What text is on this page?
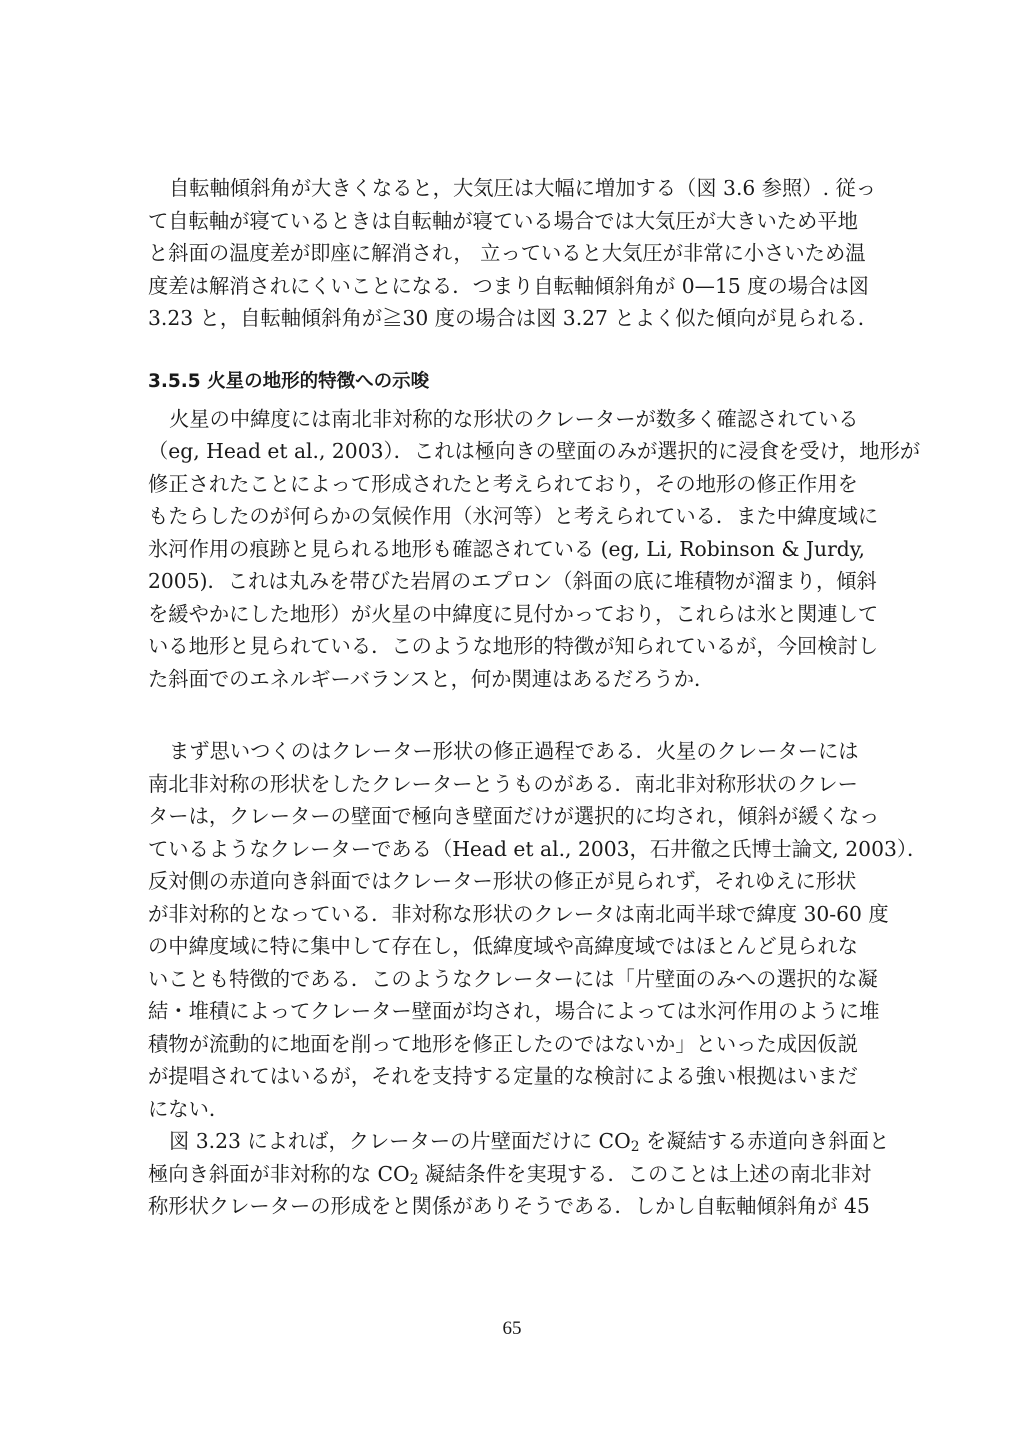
自転軸傾斜角が大きくなると，大気圧は大幅に増加する（図 3.6 参照）. 従っ
て自転軸が寝ているときは自転軸が寝ている場合では大気圧が大きいため平地
と斜面の温度差が即座に解消され， 立っていると大気圧が非常に小さいため温
度差は解消されにくいことになる．つまり自転軸傾斜角が 0—15 度の場合は図
3.23 と，自転軸傾斜角が≧30 度の場合は図 3.27 とよく似た傾向が見られる．

3.5.5 火星の地形的特徴への示唆

火星の中緯度には南北非対称的な形状のクレーターが数多く確認されている
（eg, Head et al., 2003）．これは極向きの壁面のみが選択的に浸食を受け，地形が
修正されたことによって形成されたと考えられており，その地形の修正作用を
もたらしたのが何らかの気候作用（氷河等）と考えられている．また中緯度域に
氷河作用の痕跡と見られる地形も確認されている (eg, Li, Robinson & Jurdy,
2005)．これは丸みを帯びた岩屑のエプロン（斜面の底に堆積物が溜まり，傾斜
を緩やかにした地形）が火星の中緯度に見付かっており，これらは氷と関連して
いる地形と見られている．このような地形的特徴が知られているが，今回検討し
た斜面でのエネルギーバランスと，何か関連はあるだろうか．

まず思いつくのはクレーター形状の修正過程である．火星のクレーターには
南北非対称の形状をしたクレーターとうものがある．南北非対称形状のクレー
ターは，クレーターの壁面で極向き壁面だけが選択的に均され，傾斜が緩くなっ
ているようなクレーターである（Head et al., 2003，石井徹之氏博士論文, 2003）．
反対側の赤道向き斜面ではクレーター形状の修正が見られず，それゆえに形状
が非対称的となっている．非対称な形状のクレータは南北両半球で緯度 30-60 度
の中緯度域に特に集中して存在し，低緯度域や高緯度域ではほとんど見られな
いことも特徴的である．このようなクレーターには「片壁面のみへの選択的な凝
結・堆積によってクレーター壁面が均され，場合によっては氷河作用のように堆
積物が流動的に地面を削って地形を修正したのではないか」といった成因仮説
が提唱されてはいるが，それを支持する定量的な検討による強い根拠はいまだ
にない．

図 3.23 によれば，クレーターの片壁面だけに $CO_2$ を凝結する赤道向き斜面と
極向き斜面が非対称的な $CO_2$ 凝結条件を実現する．このことは上述の南北非対
称形状クレーターの形成をと関係がありそうである．しかし自転軸傾斜角が 45

65
